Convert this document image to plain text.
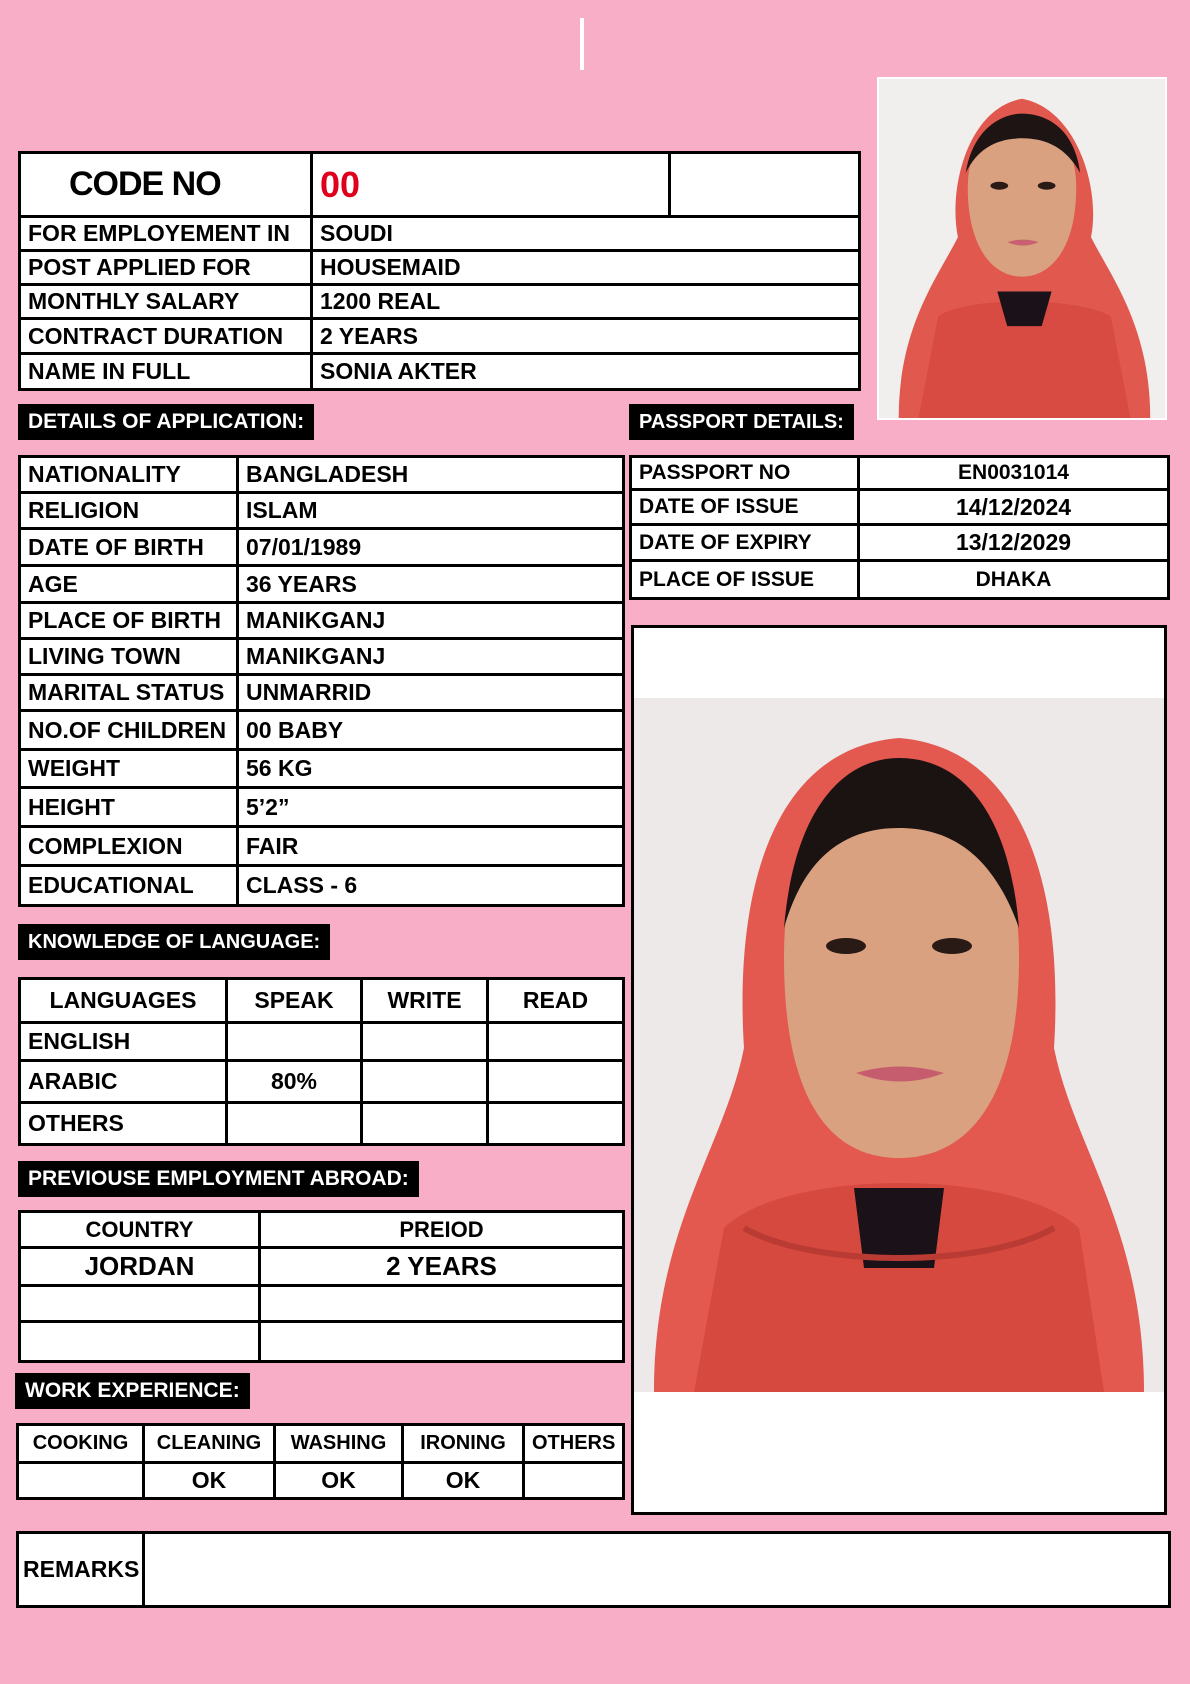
CODE NO	00	
FOR EMPLOYEMENT IN	SOUDI	
POST APPLIED FOR	HOUSEMAID	
MONTHLY SALARY	1200 REAL	
CONTRACT DURATION	2 YEARS	
NAME IN FULL	SONIA AKTER	
DETAILS OF APPLICATION:
NATIONALITY	BANGLADESH
RELIGION	ISLAM
DATE OF BIRTH	07/01/1989
AGE	36 YEARS
PLACE OF BIRTH	MANIKGANJ
LIVING TOWN	MANIKGANJ
MARITAL STATUS	UNMARRID
NO.OF CHILDREN	00 BABY
WEIGHT	56 KG
HEIGHT	5’2”
COMPLEXION	FAIR
EDUCATIONAL	CLASS - 6
PASSPORT DETAILS:
PASSPORT NO	EN0031014
DATE OF ISSUE	14/12/2024
DATE OF EXPIRY	13/12/2029
PLACE OF ISSUE	DHAKA
KNOWLEDGE OF LANGUAGE:
LANGUAGES	SPEAK	WRITE	READ
ENGLISH			
ARABIC	80%		
OTHERS			
PREVIOUSE EMPLOYMENT ABROAD:
COUNTRY	PREIOD
JORDAN	2 YEARS

WORK EXPERIENCE:
COOKING	CLEANING	WASHING	IRONING	OTHERS
	OK	OK	OK	
REMARKS	
